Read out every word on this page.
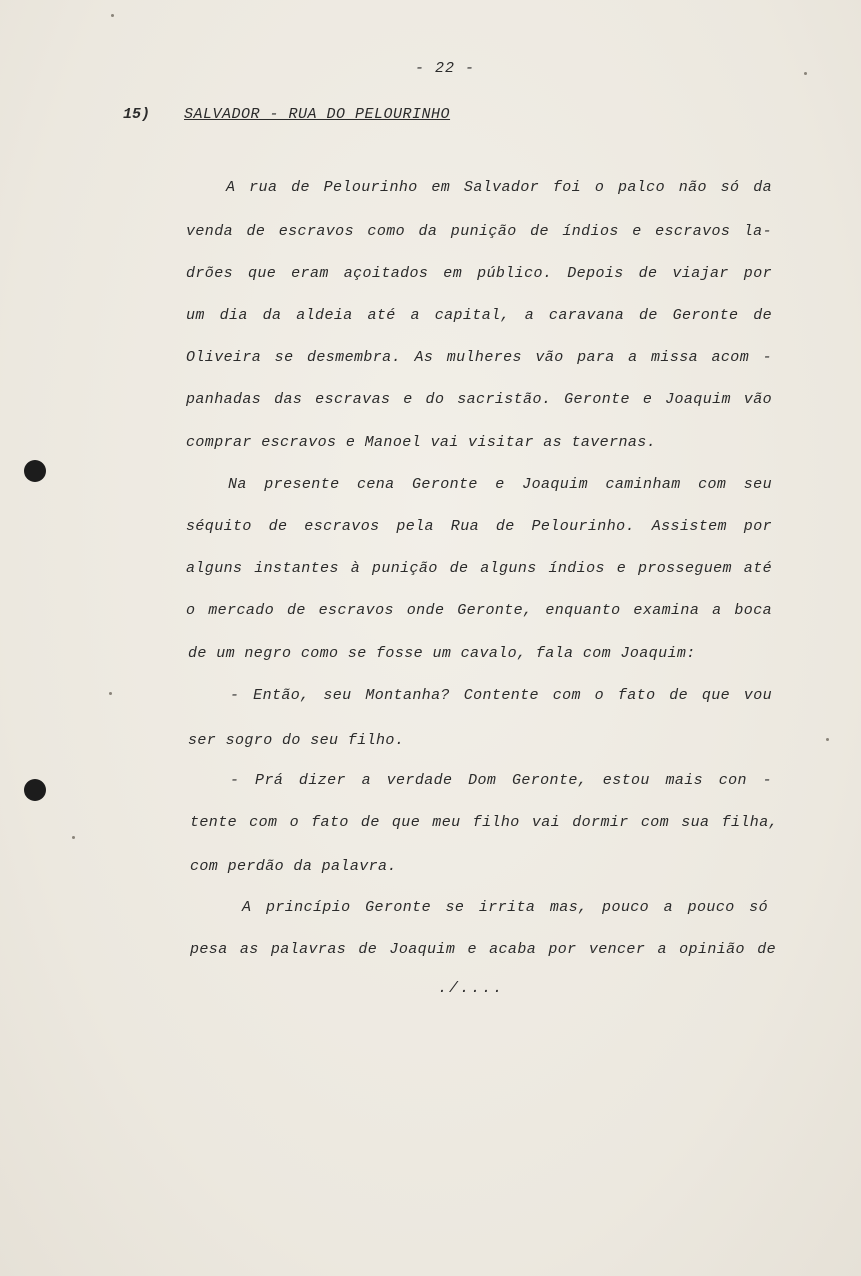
- 22 -
15) SALVADOR - RUA DO PELOURINHO
A rua de Pelourinho em Salvador foi o palco não só da
venda de escravos como da punição de índios e escravos la-
drões que eram açoitados em público. Depois de viajar por
um dia da aldeia até a capital, a caravana de Geronte de
Oliveira se desmembra. As mulheres vão para a missa acom -
panhadas das escravas e do sacristão. Geronte e Joaquim vão
comprar escravos e Manoel vai visitar as tavernas.
Na presente cena Geronte e Joaquim caminham com seu
séquito de escravos pela Rua de Pelourinho. Assistem por
alguns instantes à punição de alguns índios e prosseguem até
o mercado de escravos onde Geronte, enquanto examina a boca
de um negro como se fosse um cavalo, fala com Joaquim:
- Então, seu Montanha? Contente com o fato de que vou
ser sogro do seu filho.
- Prá dizer a verdade Dom Geronte, estou mais con -
tente com o fato de que meu filho vai dormir com sua filha,
com perdão da palavra.
A princípio Geronte se irrita mas, pouco a pouco só
pesa as palavras de Joaquim e acaba por vencer a opinião de
./....
